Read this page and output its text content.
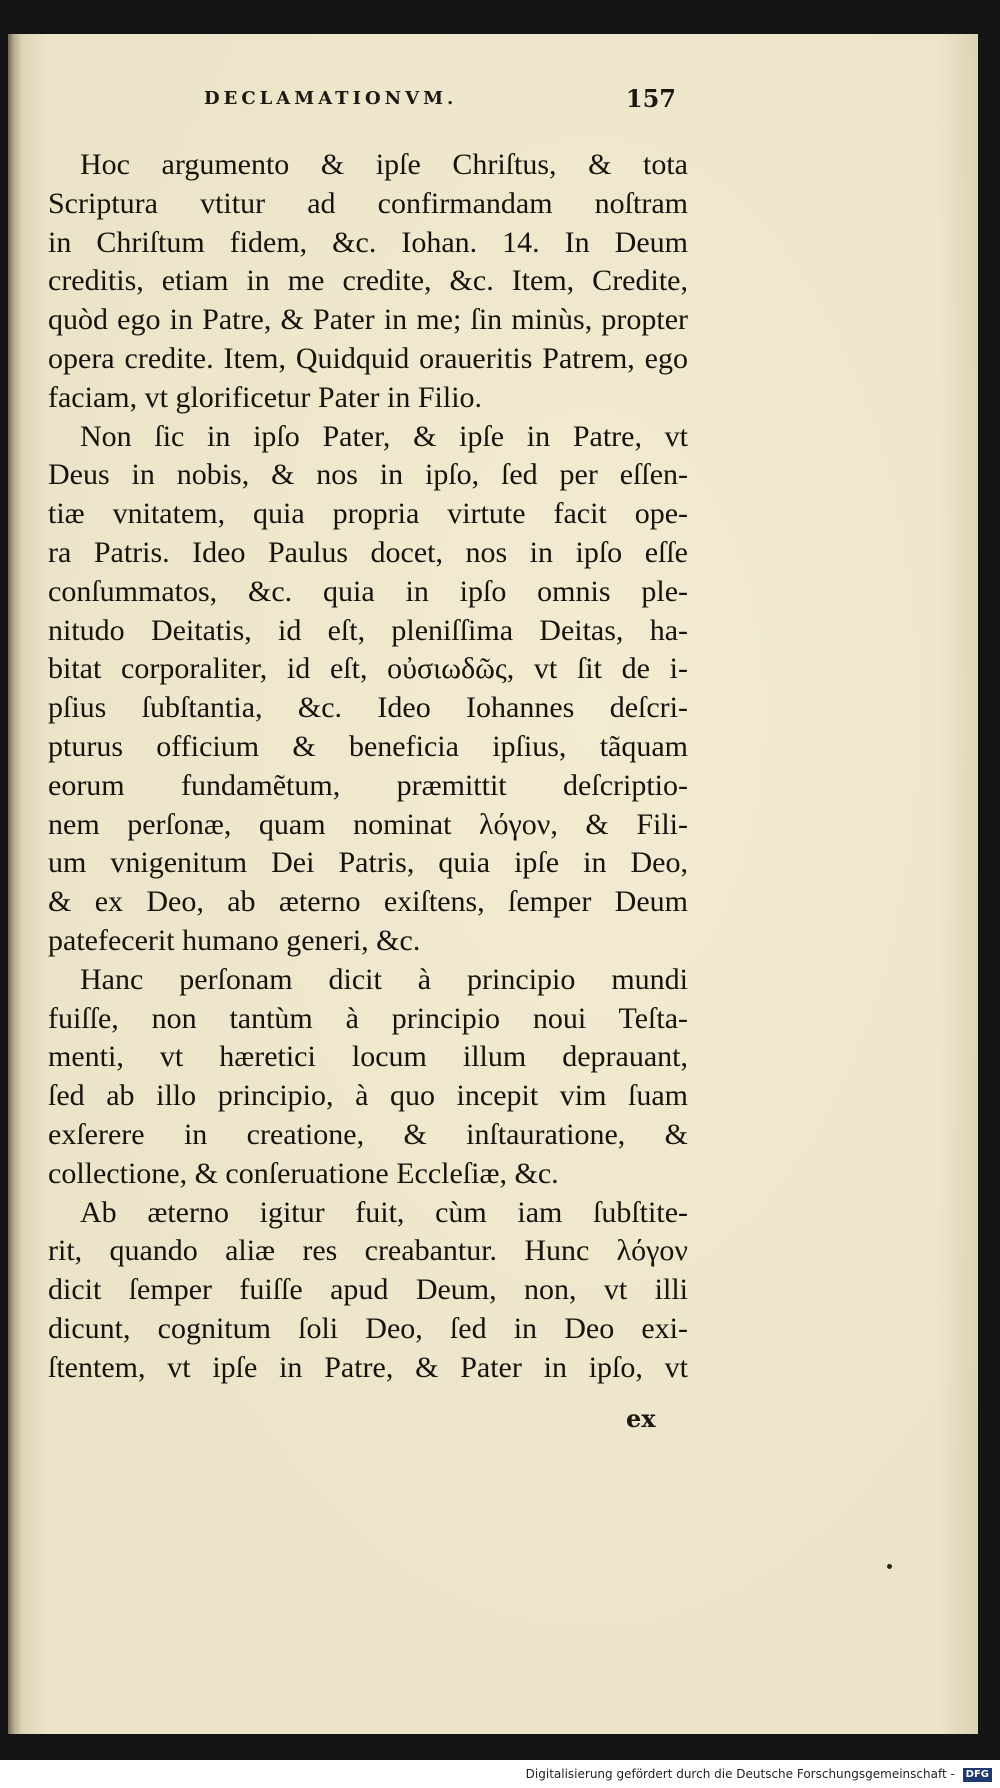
DECLAMATIONVM.	157
Hoc argumento & ipſe Chriſtus, & tota
Scriptura vtitur ad confirmandam noſtram
in Chriſtum fidem, &c. Iohan. 14. In Deum
creditis, etiam in me credite, &c. Item, Credite,
quòd ego in Patre, & Pater in me; ſin minùs, propter
opera credite. Item, Quidquid oraueritis Patrem, ego
faciam, vt glorificetur Pater in Filio.
Non ſic in ipſo Pater, & ipſe in Patre, vt
Deus in nobis, & nos in ipſo, ſed per eſſen-
tiæ vnitatem, quia propria virtute facit ope-
ra Patris. Ideo Paulus docet, nos in ipſo eſſe
conſummatos, &c. quia in ipſo omnis ple-
nitudo Deitatis, id eſt, pleniſſima Deitas, ha-
bitat corporaliter, id eſt, οὐσιωδῶς, vt ſit de i-
pſius ſubſtantia, &c. Ideo Iohannes deſcri-
pturus officium & beneficia ipſius, tãquam
eorum fundamẽtum, præmittit deſcriptio-
nem perſonæ, quam nominat λόγον, & Fili-
um vnigenitum Dei Patris, quia ipſe in Deo,
& ex Deo, ab æterno exiſtens, ſemper Deum
patefecerit humano generi, &c.
Hanc perſonam dicit à principio mundi
fuiſſe, non tantùm à principio noui Teſta-
menti, vt hæretici locum illum deprauant,
ſed ab illo principio, à quo incepit vim ſuam
exſerere in creatione, & inſtauratione, &
collectione, & conſeruatione Eccleſiæ, &c.
Ab æterno igitur fuit, cùm iam ſubſtite-
rit, quando aliæ res creabantur. Hunc λόγον
dicit ſemper fuiſſe apud Deum, non, vt illi
dicunt, cognitum ſoli Deo, ſed in Deo exi-
ſtentem, vt ipſe in Patre, & Pater in ipſo, vt
ex
Digitalisierung gefördert durch die Deutsche Forschungsgemeinschaft - DFG
